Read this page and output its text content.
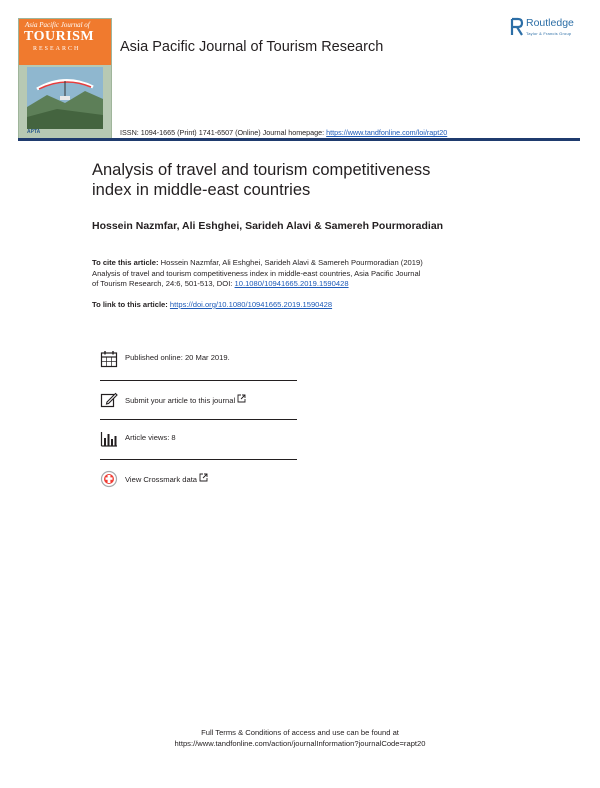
Asia Pacific Journal of
TOURISM
RESEARCH
APTA
Asia Pacific Journal of Tourism Research
Routledge
Taylor & Francis Group
ISSN: 1094-1665 (Print) 1741-6507 (Online) Journal homepage: https://www.tandfonline.com/loi/rapt20
Analysis of travel and tourism competitiveness
index in middle-east countries
Hossein Nazmfar, Ali Eshghei, Sarideh Alavi & Samereh Pourmoradian
To cite this article: Hossein Nazmfar, Ali Eshghei, Sarideh Alavi & Samereh Pourmoradian (2019)
Analysis of travel and tourism competitiveness index in middle-east countries, Asia Pacific Journal
of Tourism Research, 24:6, 501-513, DOI: 10.1080/10941665.2019.1590428
To link to this article: https://doi.org/10.1080/10941665.2019.1590428
Published online: 20 Mar 2019.
Submit your article to this journal
Article views: 8
View Crossmark data
Full Terms & Conditions of access and use can be found at
https://www.tandfonline.com/action/journalInformation?journalCode=rapt20
